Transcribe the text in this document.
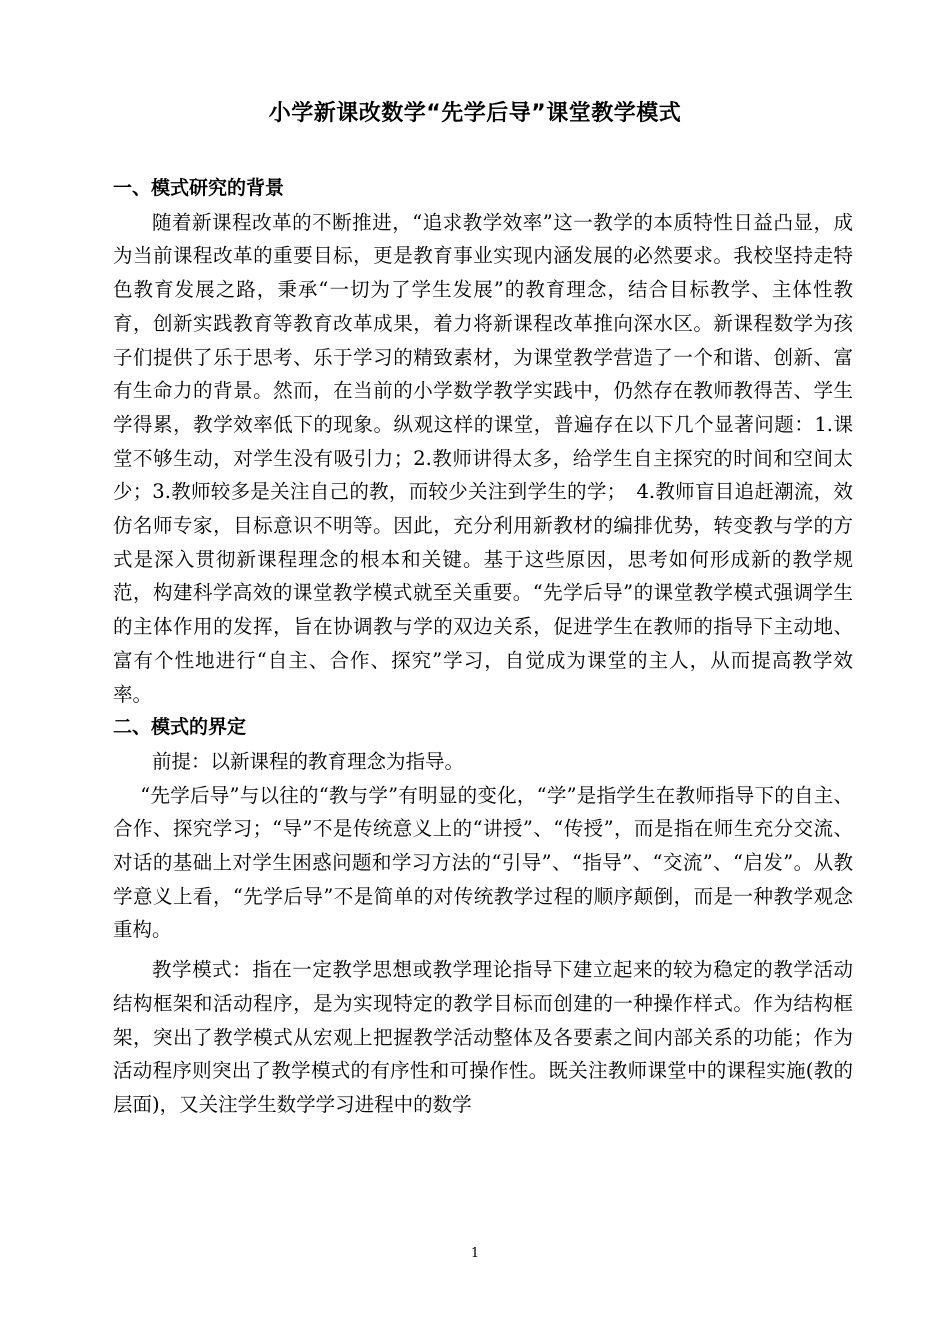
小学新课改数学“先学后导”课堂教学模式

一、模式研究的背景

随着新课程改革的不断推进，“追求教学效率”这一教学的本质特性日益凸显，成为当前课程改革的重要目标，更是教育事业实现内涵发展的必然要求。我校坚持走特色教育发展之路，秉承“一切为了学生发展”的教育理念，结合目标教学、主体性教育，创新实践教育等教育改革成果，着力将新课程改革推向深水区。新课程数学为孩子们提供了乐于思考、乐于学习的精致素材，为课堂教学营造了一个和谐、创新、富有生命力的背景。然而，在当前的小学数学教学实践中，仍然存在教师教得苦、学生学得累，教学效率低下的现象。纵观这样的课堂，普遍存在以下几个显著问题：1.课堂不够生动，对学生没有吸引力；2.教师讲得太多，给学生自主探究的时间和空间太少；3.教师较多是关注自己的教，而较少关注到学生的学；　4.教师盲目追赶潮流，效仿名师专家，目标意识不明等。因此，充分利用新教材的编排优势，转变教与学的方式是深入贯彻新课程理念的根本和关键。基于这些原因，思考如何形成新的教学规范，构建科学高效的课堂教学模式就至关重要。“先学后导”的课堂教学模式强调学生的主体作用的发挥，旨在协调教与学的双边关系，促进学生在教师的指导下主动地、富有个性地进行“自主、合作、探究”学习，自觉成为课堂的主人，从而提高教学效率。

二、模式的界定

前提：以新课程的教育理念为指导。

“先学后导”与以往的“教与学”有明显的变化，“学”是指学生在教师指导下的自主、合作、探究学习；“导”不是传统意义上的“讲授”、“传授”，而是指在师生充分交流、对话的基础上对学生困惑问题和学习方法的“引导”、“指导”、“交流”、“启发”。从教学意义上看，“先学后导”不是简单的对传统教学过程的顺序颠倒，而是一种教学观念重构。

教学模式：指在一定教学思想或教学理论指导下建立起来的较为稳定的教学活动结构框架和活动程序，是为实现特定的教学目标而创建的一种操作样式。作为结构框架，突出了教学模式从宏观上把握教学活动整体及各要素之间内部关系的功能；作为活动程序则突出了教学模式的有序性和可操作性。既关注教师课堂中的课程实施(教的层面)，又关注学生数学学习进程中的数学

1
